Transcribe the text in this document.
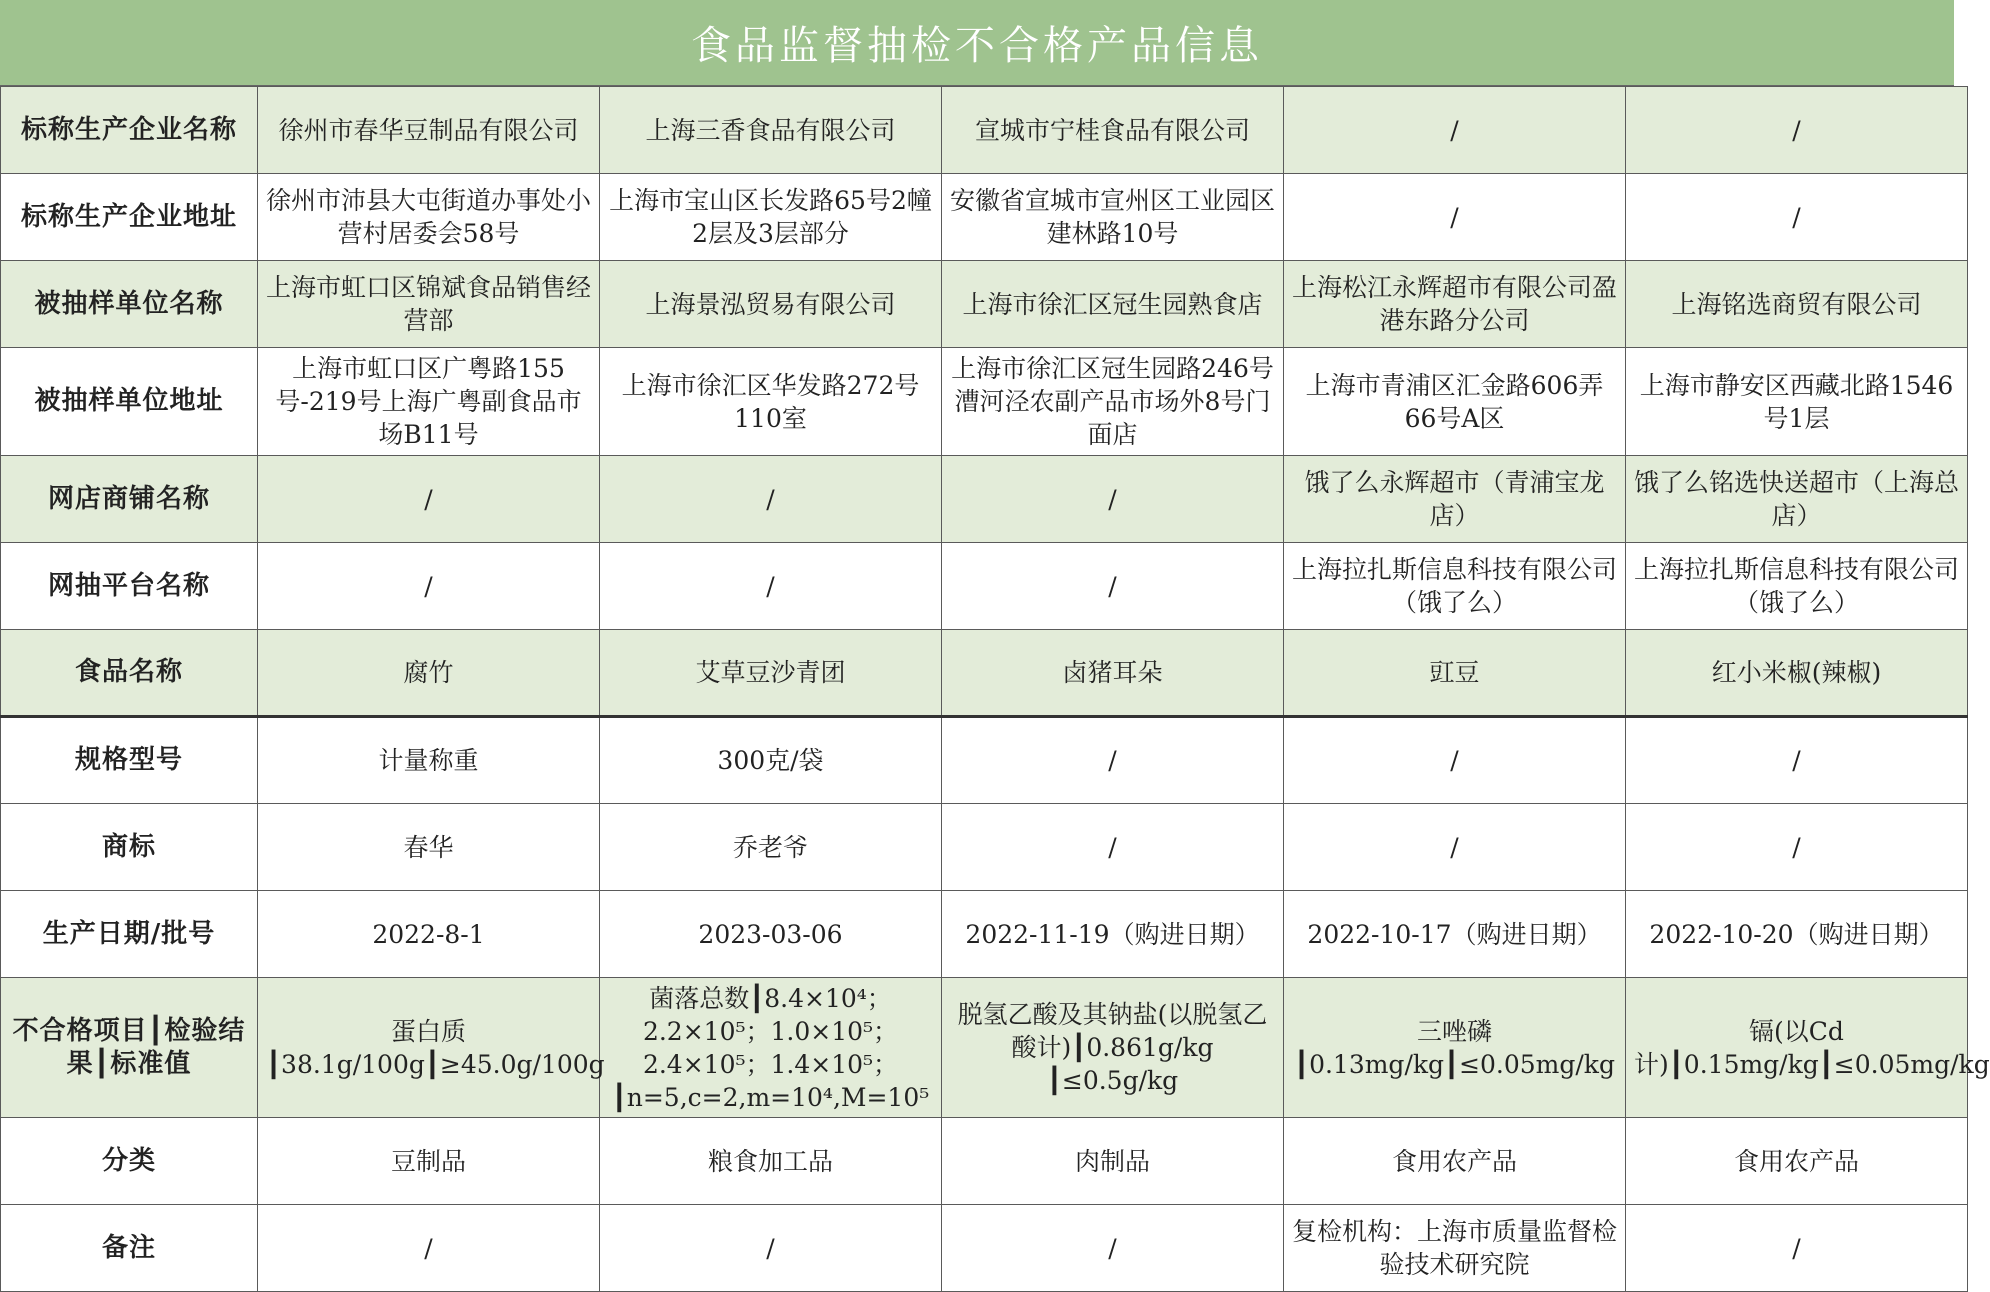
食品监督抽检不合格产品信息
标称生产企业名称	徐州市春华豆制品有限公司	上海三香食品有限公司	宣城市宁桂食品有限公司	/	/
标称生产企业地址	徐州市沛县大屯街道办事处小营村居委会58号	上海市宝山区长发路65号2幢2层及3层部分	安徽省宣城市宣州区工业园区建林路10号	/	/
被抽样单位名称	上海市虹口区锦斌食品销售经营部	上海景泓贸易有限公司	上海市徐汇区冠生园熟食店	上海松江永辉超市有限公司盈港东路分公司	上海铭选商贸有限公司
被抽样单位地址	上海市虹口区广粤路155号-219号上海广粤副食品市场B11号	上海市徐汇区华发路272号110室	上海市徐汇区冠生园路246号漕河泾农副产品市场外8号门面店	上海市青浦区汇金路606弄66号A区	上海市静安区西藏北路1546号1层
网店商铺名称	/	/	/	饿了么永辉超市（青浦宝龙店）	饿了么铭选快送超市（上海总店）
网抽平台名称	/	/	/	上海拉扎斯信息科技有限公司（饿了么）	上海拉扎斯信息科技有限公司（饿了么）
食品名称	腐竹	艾草豆沙青团	卤猪耳朵	豇豆	红小米椒(辣椒)
规格型号	计量称重	300克/袋	/	/	/
商标	春华	乔老爷	/	/	/
生产日期/批号	2022-8-1	2023-03-06	2022-11-19（购进日期）	2022-10-17（购进日期）	2022-10-20（购进日期）
不合格项目┃检验结果┃标准值	蛋白质┃38.1g/100g┃≥45.0g/100g	菌落总数┃8.4×10⁴；2.2×10⁵；1.0×10⁵；2.4×10⁵；1.4×10⁵；┃n=5,c=2,m=10⁴,M=10⁵	脱氢乙酸及其钠盐(以脱氢乙酸计)┃0.861g/kg ┃≤0.5g/kg	三唑磷┃0.13mg/kg┃≤0.05mg/kg	镉(以Cd计)┃0.15mg/kg┃≤0.05mg/kg
分类	豆制品	粮食加工品	肉制品	食用农产品	食用农产品
备注	/	/	/	复检机构：上海市质量监督检验技术研究院	/
